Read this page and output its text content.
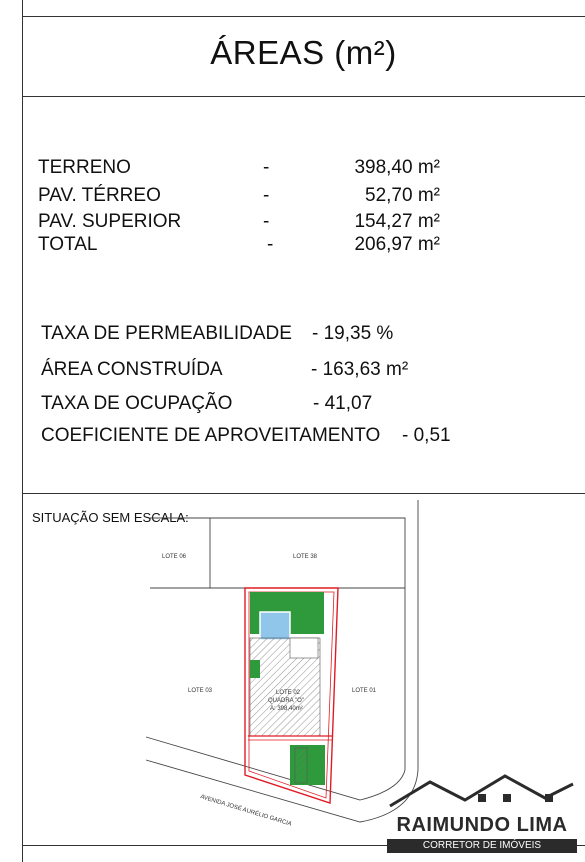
ÁREAS (m²)
TERRENO	-	398,40 m²
PAV. TÉRREO	-	52,70 m²
PAV. SUPERIOR	-	154,27 m²
TOTAL	-	206,97 m²
TAXA DE PERMEABILIDADE - 19,35 %
ÁREA CONSTRUÍDA	- 163,63 m²
TAXA DE OCUPAÇÃO	- 41,07
COEFICIENTE DE APROVEITAMENTO - 0,51
SITUAÇÃO SEM ESCALA:
LOTE 06	LOTE 38
LOTE 03	LOTE 01
LOTE 02
QUADRA "O"
A: 398,40m²
AVENIDA JOSÉ AURÉLIO GARCIA	RAIMUNDO LIMA
CORRETOR DE IMÓVEIS
